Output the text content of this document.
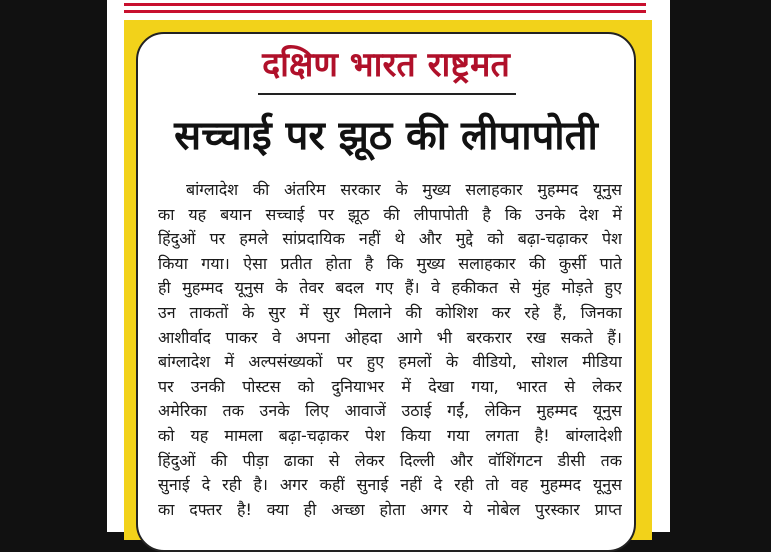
दक्षिण भारत राष्ट्रमत
सच्चाई पर झूठ की लीपापोती
बांग्लादेश की अंतरिम सरकार के मुख्य सलाहकार मुहम्मद यूनुस
का यह बयान सच्चाई पर झूठ की लीपापोती है कि उनके देश में
हिंदुओं पर हमले सांप्रदायिक नहीं थे और मुद्दे को बढ़ा-चढ़ाकर पेश
किया गया। ऐसा प्रतीत होता है कि मुख्य सलाहकार की कुर्सी पाते
ही मुहम्मद यूनुस के तेवर बदल गए हैं। वे हकीकत से मुंह मोड़ते हुए
उन ताकतों के सुर में सुर मिलाने की कोशिश कर रहे हैं, जिनका
आशीर्वाद पाकर वे अपना ओहदा आगे भी बरकरार रख सकते हैं।
बांग्लादेश में अल्पसंख्यकों पर हुए हमलों के वीडियो, सोशल मीडिया
पर उनकी पोस्टस को दुनियाभर में देखा गया, भारत से लेकर
अमेरिका तक उनके लिए आवाजें उठाई गईं, लेकिन मुहम्मद यूनुस
को यह मामला बढ़ा-चढ़ाकर पेश किया गया लगता है! बांग्लादेशी
हिंदुओं की पीड़ा ढाका से लेकर दिल्ली और वॉशिंगटन डीसी तक
सुनाई दे रही है। अगर कहीं सुनाई नहीं दे रही तो वह मुहम्मद यूनुस
का दफ्तर है! क्या ही अच्छा होता अगर ये नोबेल पुरस्कार प्राप्त
